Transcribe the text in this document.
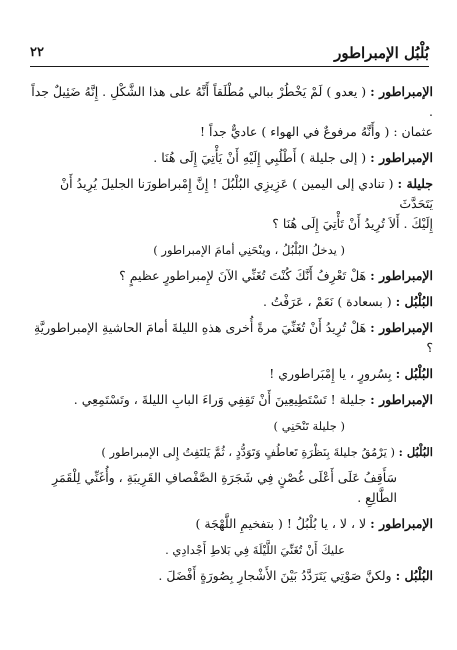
بُلْبُل الإمبراطور
٢٢
الإمبراطور : ( يعدو ) لَمْ يَخْطُرْ ببالي مُطْلَقاً أَنَّهُ على هذا الشَّكْلِ . إِنَّهُ ضَئِيلٌ جداً .
عثمان : ( وأَنَّهُ مرفوعٌ في الهواء ) عاديٌّ جداً !
الإمبراطور : ( إلى جليلة ) أَطْلُبِي إِلَيْهِ أَنْ يَأْتِيَ إِلَى هُنَا .
جليلة : ( تنادي إلى اليمين ) عَزِيزِي البُلْبُلَ ! إِنَّ إِمْبراطورَنا الجليلَ يُرِيدُ أَنْ يَتَحَدَّثَ
إِلَيْكَ . أَلاَ تُرِيدُ أَنْ تَأْتِيَ إِلَى هُنَا ؟
( يدخلُ البُلْبُلُ ، وينْحَنِي أمامَ الإمبراطور )
الإمبراطور : هَلْ تَعْرِفُ أَنَّكَ كُنْتَ تُغَنِّي الآنَ لإِمبراطورٍ عظيمٍ ؟
البُلْبُل : ( بسعادة ) نَعَمْ ، عَرَفْتُ .
الإمبراطور : هَلْ تُرِيدُ أَنْ تُغَنِّيَ مرةً أُخرى هذهِ الليلةَ أمامَ الحاشيةِ الإمبراطوريَّةِ ؟
البُلْبُل : بِسُرورٍ ، يا إِمْبَراطوري !
الإمبراطور : جليلة ! تَسْتَطِيعِينَ أَنْ تَقِفِي وَراءَ البابِ الليلةَ ، وتَسْتَمِعِي .
( جليلة تَنْحَنِي )
البُلْبُل : ( يَرْمُقُ جليلةَ بِنَظْرَةِ تَعاطُفٍ وَتَوَدُّدٍ ، ثُمَّ يَلتَفِتُ إِلى الإمبراطور )
سَأَقِفُ عَلَى أَعْلَى غُصْنٍ فِي شَجَرَةِ الصَّفْصافِ القَرِيبَةِ ، وأُغَنِّي لِلْقَمَرِ الطَّالِعِ .
الإمبراطور : لا ، لا ، يا بُلْبُلُ ! ( بتفخيمِ اللَّهْجَة )
عليكَ أَنْ تُغَنِّيَ اللَّيْلَةَ فِي بَلاطِ أَجْدادِي .
البُلْبُل : ولكنَّ صَوْتِي يَتَرَدَّدُ بَيْنَ الأَشْجارِ بِصُورَةٍ أَفْضَلَ .
